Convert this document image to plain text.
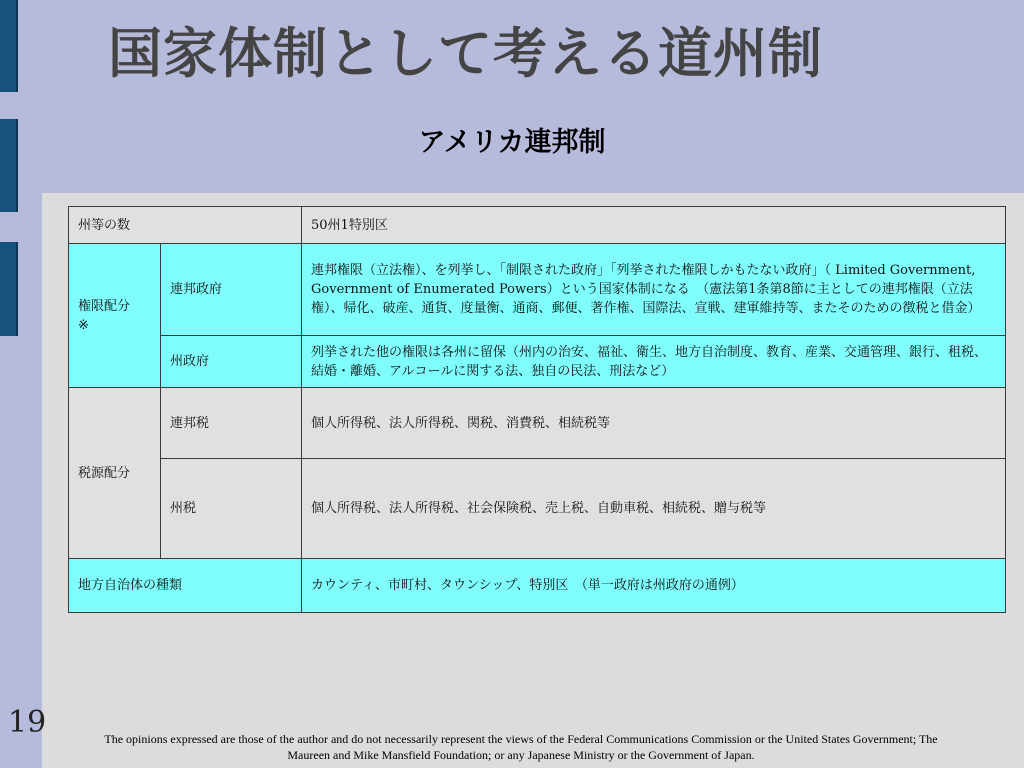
国家体制として考える道州制
アメリカ連邦制
州等の数		50州1特別区
権限配分
※	連邦政府	連邦権限（立法権）、を列挙し、「制限された政府」「列挙された権限しかもたない政府」（ Limited Government, Government of Enumerated Powers）という国家体制になる　（憲法第1条第8節に主としての連邦権限（立法権）、帰化、破産、通貨、度量衡、通商、郵便、著作権、国際法、宣戦、建軍維持等、またそのための徴税と借金）
	州政府	列挙された他の権限は各州に留保（州内の治安、福祉、衛生、地方自治制度、教育、産業、交通管理、銀行、租税、結婚・離婚、アルコールに関する法、独自の民法、刑法など）
税源配分	連邦税	個人所得税、法人所得税、関税、消費税、相続税等
	州税	個人所得税、法人所得税、社会保険税、売上税、自動車税、相続税、贈与税等
地方自治体の種類		カウンティ、市町村、タウンシップ、特別区　（単一政府は州政府の通例）
19	The opinions expressed are those of the author and do not necessarily represent the views of the Federal Communications Commission or the United States Government; The Maureen and Mike Mansfield Foundation; or any Japanese Ministry or the Government of Japan.
